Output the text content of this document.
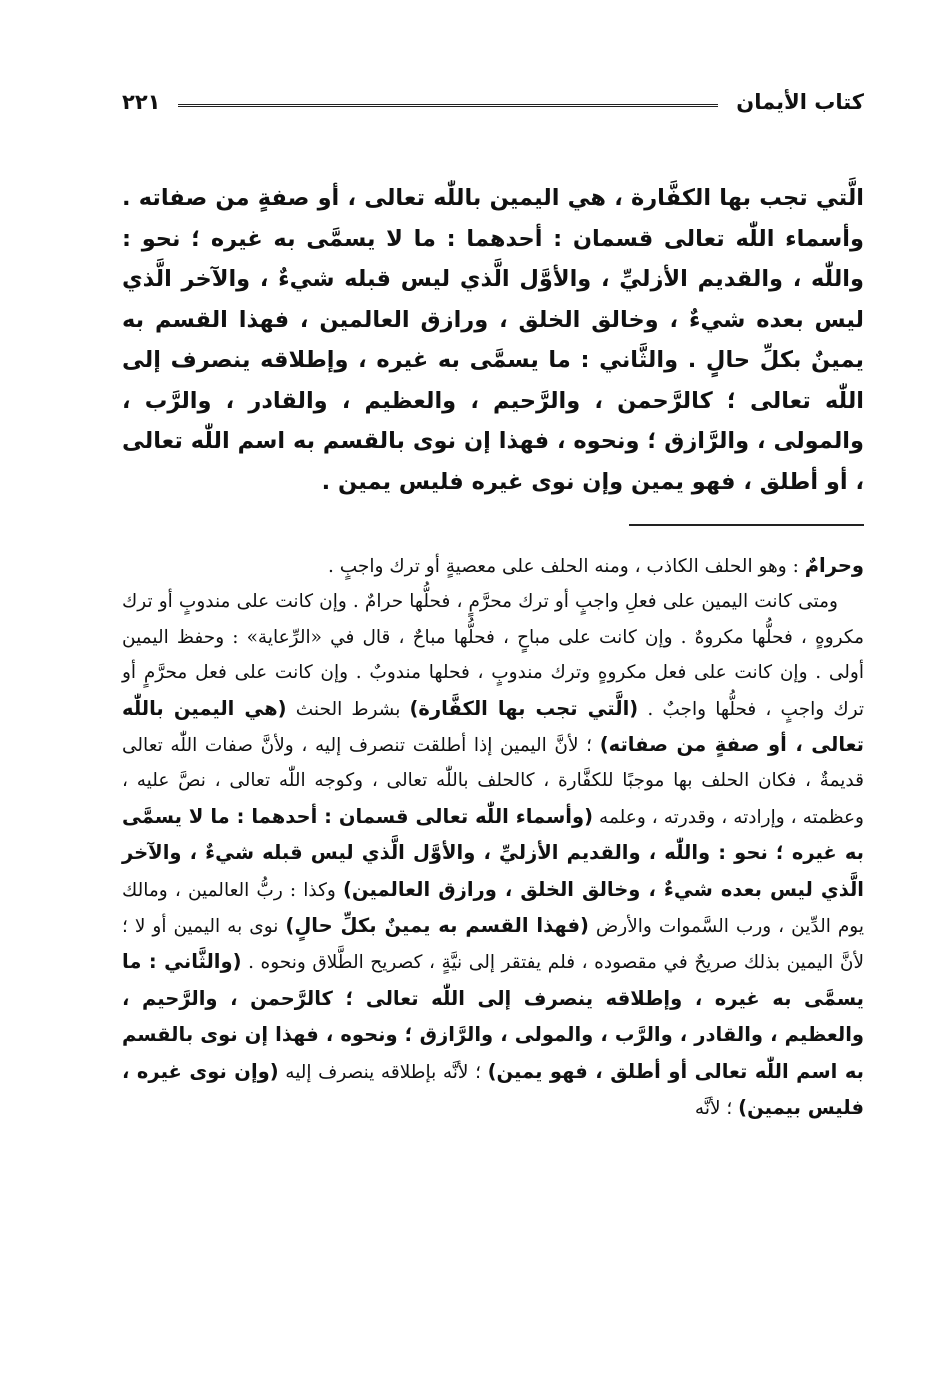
كتاب الأيمان
٢٢١

الَّتي تجب بها الكفَّارة ، هي اليمين باللّٰه تعالى ، أو صفةٍ من صفاته . وأسماء اللّٰه تعالى قسمان : أحدهما : ما لا يسمَّى به غيره ؛ نحو : واللّٰه ، والقديم الأزليِّ ، والأوَّل الَّذي ليس قبله شيءٌ ، والآخر الَّذي ليس بعده شيءٌ ، وخالق الخلق ، ورازق العالمين ، فهذا القسم به يمينٌ بكلِّ حالٍ . والثَّاني : ما يسمَّى به غيره ، وإطلاقه ينصرف إلى اللّٰه تعالى ؛ كالرَّحمن ، والرَّحيم ، والعظيم ، والقادر ، والرَّب ، والمولى ، والرَّازق ؛ ونحوه ، فهذا إن نوى بالقسم به اسم اللّٰه تعالى ، أو أطلق ، فهو يمين وإن نوى غيره فليس يمين .

وحرامٌ : وهو الحلف الكاذب ، ومنه الحلف على معصيةٍ أو ترك واجبٍ .

ومتى كانت اليمين على فعلِ واجبٍ أو ترك محرَّمٍ ، فحلُّها حرامٌ . وإن كانت على مندوبٍ أو ترك مكروهٍ ، فحلُّها مكروهٌ . وإن كانت على مباحٍ ، فحلُّها مباحٌ ، قال في «الرِّعاية» : وحفظ اليمين أولى . وإن كانت على فعل مكروهٍ وترك مندوبٍ ، فحلها مندوبٌ . وإن كانت على فعل محرَّمٍ أو ترك واجبٍ ، فحلُّها واجبٌ . (الَّتي تجب بها الكفَّارة) بشرط الحنث (هي اليمين باللّٰه تعالى ، أو صفةٍ من صفاته) ؛ لأنَّ اليمين إذا أطلقت تنصرف إليه ، ولأنَّ صفات اللّٰه تعالى قديمةٌ ، فكان الحلف بها موجبًا للكفَّارة ، كالحلف باللّٰه تعالى ، وكوجه اللّٰه تعالى ، نصَّ عليه ، وعظمته ، وإرادته ، وقدرته ، وعلمه (وأسماء اللّٰه تعالى قسمان : أحدهما : ما لا يسمَّى به غيره ؛ نحو : واللّٰه ، والقديم الأزليِّ ، والأوَّل الَّذي ليس قبله شيءٌ ، والآخر الَّذي ليس بعده شيءٌ ، وخالق الخلق ، ورازق العالمين) وكذا : ربُّ العالمين ، ومالك يوم الدِّين ، ورب السَّموات والأرض (فهذا القسم به يمينٌ بكلِّ حالٍ) نوى به اليمين أو لا ؛ لأنَّ اليمين بذلك صريحٌ في مقصوده ، فلم يفتقر إلى نيَّةٍ ، كصريح الطَّلاق ونحوه . (والثَّاني : ما يسمَّى به غيره ، وإطلاقه ينصرف إلى اللّٰه تعالى ؛ كالرَّحمن ، والرَّحيم ، والعظيم ، والقادر ، والرَّب ، والمولى ، والرَّازق ؛ ونحوه ، فهذا إن نوى بالقسم به اسم اللّٰه تعالى أو أطلق ، فهو يمين) ؛ لأنَّه بإطلاقه ينصرف إليه (وإن نوى غيره ، فليس بيمين) ؛ لأنَّه
